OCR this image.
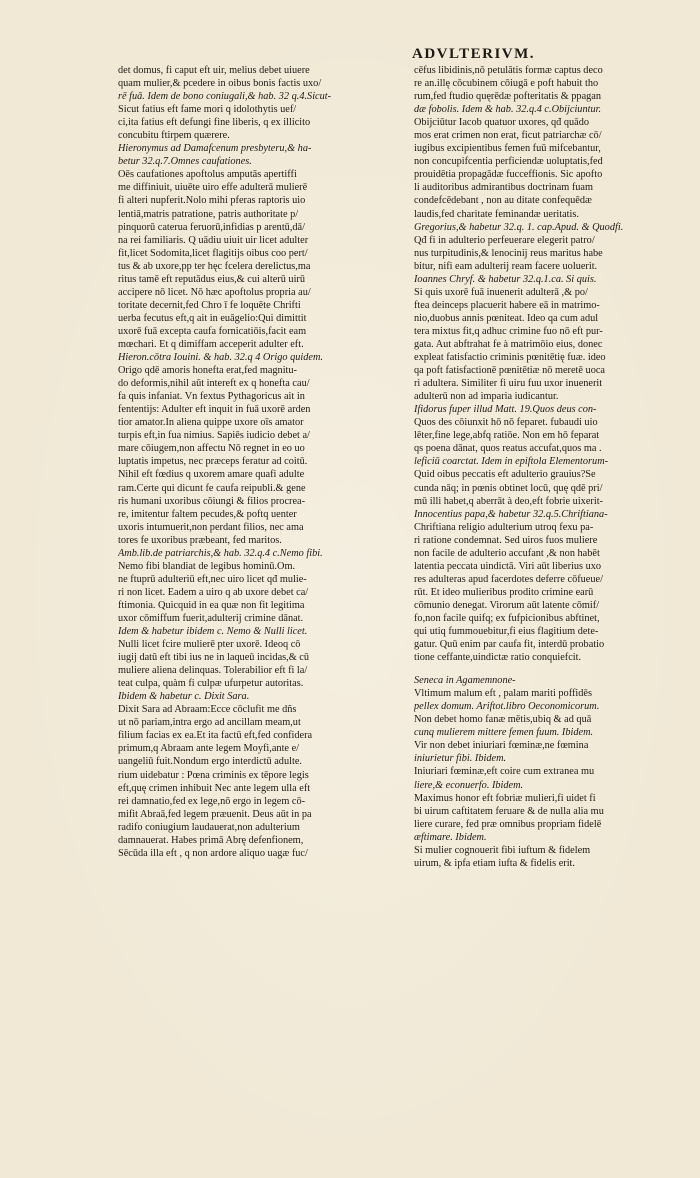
ADVLTERIVM.
det domus, fi caput eft uir, melius debet uiuere
quam mulier,& pcedere in oibus bonis factis uxo/
rē fuā. Idem de bono coniugali,& hab. 32 q.4.Sicut-
Sicut fatius eft fame mori q idolothytis uef/
ci,ita fatius eft defungi fine liberis, q ex illicito
concubitu ftirpem quærere.
Hieronymus ad Damafcenum presbyteru,& ha-
betur 32.q.7.Omnes caufationes.
Oēs caufationes apoftolus amputās apertiffi
me diffiniuit, uiuēte uiro effe adulterā mulierē
fi alteri nupferit.Nolo mihi pferas raptoris uio
lentiā,matris patratione, patris authoritate p/
pinquorū caterua feruorū,infidias p arentū,dā/
na rei familiaris. Q uādiu uiuit uir licet adulter
fit,licet Sodomita,licet flagitijs oibus coo pert/
tus & ab uxore,pp ter hęc fcelera derelictus,ma
ritus tamē eft reputādus eius,& cui alterū uirū
accipere nō licet. Nō hæc apoftolus propria au/
toritate decernit,fed Chro ī fe loquēte Chrifti
uerba fecutus eft,q ait in euāgelio:Qui dimittit
uxorē fuā excepta caufa fornicatiōis,facit eam
mœchari. Et q dimiffam acceperit adulter eft.
Hieron.cōtra Iouini. & hab. 32.q 4 Origo quidem.
Origo qdē amoris honefta erat,fed magnitu-
do deformis,nihil aūt intereft ex q honefta cau/
fa quis infaniat. Vn fextus Pythagoricus ait in
fententijs: Adulter eft inquit in fuā uxorē arden
tior amator.In aliena quippe uxore oīs amator
turpis eft,in fua nimius. Sapiēs iudicio debet a/
mare cōiugem,non affectu Nō regnet in eo uo
luptatis impetus, nec præceps feratur ad coitū.
Nihil eft fœdius q uxorem amare quafi adulte
ram.Certe qui dicunt fe caufa reipubli.& gene
ris humani uxoribus cōiungi & filios procrea-
re, imitentur faltem pecudes,& poftq uenter
uxoris intumuerit,non perdant filios, nec ama
tores fe uxoribus præbeant, fed maritos.
Amb.lib.de patriarchis,& hab. 32.q.4 c.Nemo fibi.
Nemo fibi blandiat de legibus hominū.Om.
ne ftuprū adulteriū eft,nec uiro licet qđ mulie-
ri non licet. Eadem a uiro q ab uxore debet ca/
ftimonia. Quicquid in ea quæ non fit legitima
uxor cōmiffum fuerit,adulterij crimine dānat.
Idem & habetur ibidem c. Nemo & Nulli licet.
Nulli licet fcire mulierē pter uxorē. Ideoq cō
iugij datū eft tibi ius ne in laqueū incidas,& cū
muliere aliena delinquas. Tolerabilior eft fi la/
teat culpa, quàm fi culpæ ufurpetur autoritas.
Ibidem & habetur c. Dixit Sara.
Dixit Sara ad Abraam:Ecce cōclufit me dñs
ut nō pariam,intra ergo ad ancillam meam,ut
filium facias ex ea.Et ita factū eft,fed confidera
primum,q Abraam ante legem Moyfi,ante e/
uangeliū fuit.Nondum ergo interdictū adulte.
rium uidebatur : Pœna criminis ex tēpore legis
eft,quę crimen inhibuit Nec ante legem ulla eft
rei damnatio,fed ex lege,nō ergo in legem cō-
mifit Abraā,fed legem præuenit. Deus aūt in pa
radifo coniugium laudauerat,non adulterium
damnauerat. Habes primā Abrę defenfionem,
Sēcūda illa eft , q non ardore aliquo uagæ fuc/
cēfus libidinis,nō petulātis formæ captus deco
re an.illę cōcubinem cōiugā e poft habuit tho
rum,fed ftudio quęrēdæ pofteritatis & ppagan
dæ fobolis. Idem & hab. 32.q.4 c.Obijciuntur.
Obijciūtur Iacob quatuor uxores, qđ quādo
mos erat crimen non erat, ficut patriarchæ cō/
iugibus excipientibus femen fuū mifcebantur,
non concupifcentia perficiendæ uoluptatis,fed
prouidētia propagādæ fucceffionis. Sic apofto
li auditoribus admirantibus doctrinam fuam
condefcēdebant , non au ditate confequēdæ
laudis,fed charitate feminandæ ueritatis.
Gregorius,& habetur 32.q. 1. cap.Apud. & Quodfi.
Qđ fi in adulterio perfeuerare elegerit patro/
nus turpitudinis,& lenocinij reus maritus habe
bitur, nifi eam adulterij ream facere uoluerit.
Ioannes Chryf. & habetur 32.q.1.ca. Si quis.
Si quis uxorē fuā inuenerit adulterā ,& po/
ftea deinceps placuerit habere eā in matrimo-
nio,duobus annis pœniteat. Ideo qa cum adul
tera mixtus fit,q adhuc crimine fuo nō eft pur-
gata. Aut abftrahat fe à matrimōio eius, donec
expleat fatisfactio criminis pœnitētię fuæ. ideo
qa poft fatisfactionē pœnitētiæ nō meretē uoca
ri adultera. Similiter fi uiru fuu uxor inuenerit
adulterū non ad imparia iudicantur.
Ifidorus fuper illud Matt. 19.Quos deus con-
Quos des cōiunxit hō nō feparet. fubaudi uio
lēter,fine lege,abfq ratiōe. Non em hō feparat
qs poena dānat, quos reatus accufat,quos ma .
leficiū coarctat. Idem in epiftola Elementorum-
Quid oibus peccatis eft adulterio grauius?Se
cunda nāq; in pœnis obtinet locū, quę qdē pri/
mū illi habet,q aberrāt à deo,eft fobrie uixerit-
Innocentius papa,& habetur 32.q.5.Chriftiana-
Chriftiana religio adulterium utroq fexu pa-
ri ratione condemnat. Sed uiros fuos muliere
non facile de adulterio accufant ,& non habēt
latentia peccata uindictā. Viri aūt liberius uxo
res adulteras apud facerdotes deferre cōfueue/
rūt. Et ideo mulieribus prodito crimine earū
cōmunio denegat. Virorum aūt latente cōmif/
fo,non facile quifq; ex fufpicionibus abftinet,
qui utiq fummouebitur,fi eius flagitium dete-
gatur. Quū enim par caufa fit, interdū probatio
tione ceffante,uindictæ ratio conquiefcit.
Seneca in Agamemnone-
Vltimum malum eft , palam mariti poffidēs
pellex domum. Ariftot.libro Oeconomicorum.
Non debet homo fanæ mētis,ubiq & ad quā
cunq mulierem mittere femen fuum. Ibidem.
Vir non debet iniuriari fœminæ,ne fœmina
iniurietur fibi. Ibidem.
Iniuriari fœminæ,eft coire cum extranea mu
liere,& econuerfo. Ibidem.
Maximus honor eft fobriæ mulieri,fi uidet fi
bi uirum caftitatem feruare & de nulla alia mu
liere curare, fed præ omnibus propriam fidelē
æftimare. Ibidem.
Si mulier cognouerit fibi iuftum & fidelem
uirum, & ipfa etiam iufta & fidelis erit.
